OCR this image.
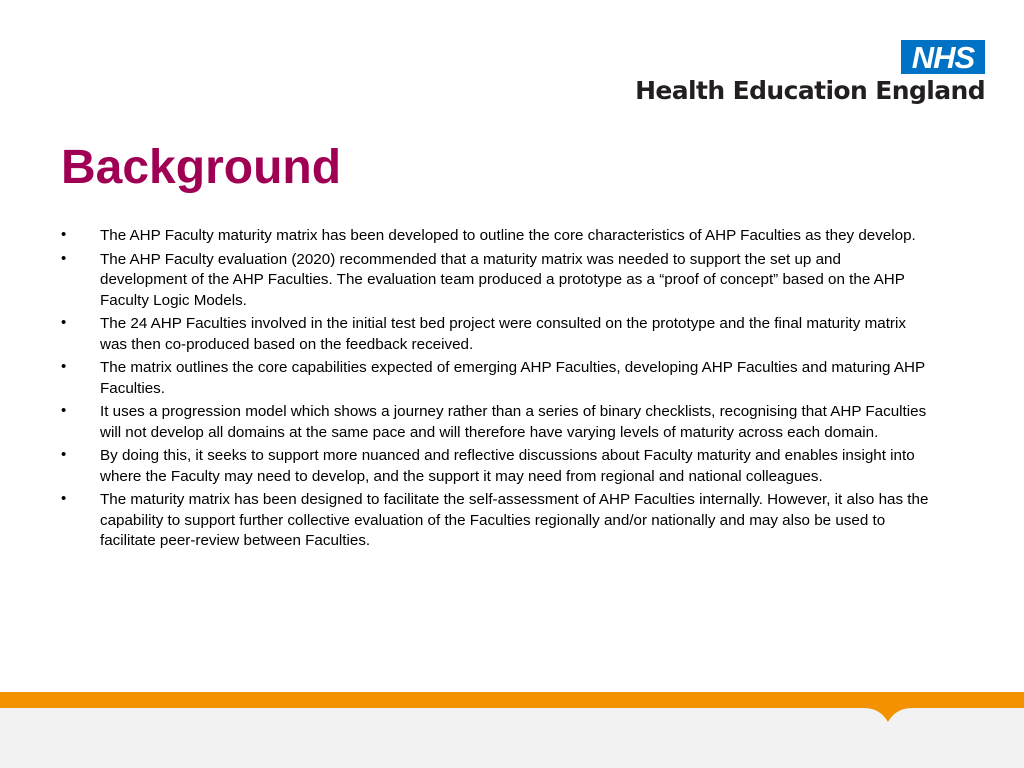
NHS
Health Education England
Background
• The AHP Faculty maturity matrix has been developed to outline the core characteristics of AHP Faculties as they develop.
• The AHP Faculty evaluation (2020) recommended that a maturity matrix was needed to support the set up and development of the AHP Faculties. The evaluation team produced a prototype as a “proof of concept” based on the AHP Faculty Logic Models.
• The 24 AHP Faculties involved in the initial test bed project were consulted on the prototype and the final maturity matrix was then co-produced based on the feedback received.
• The matrix outlines the core capabilities expected of emerging AHP Faculties, developing AHP Faculties and maturing AHP Faculties.
• It uses a progression model which shows a journey rather than a series of binary checklists, recognising that AHP Faculties will not develop all domains at the same pace and will therefore have varying levels of maturity across each domain.
• By doing this, it seeks to support more nuanced and reflective discussions about Faculty maturity and enables insight into where the Faculty may need to develop, and the support it may need from regional and national colleagues.
• The maturity matrix has been designed to facilitate the self-assessment of AHP Faculties internally. However, it also has the capability to support further collective evaluation of the Faculties regionally and/or nationally and may also be used to facilitate peer-review between Faculties.
